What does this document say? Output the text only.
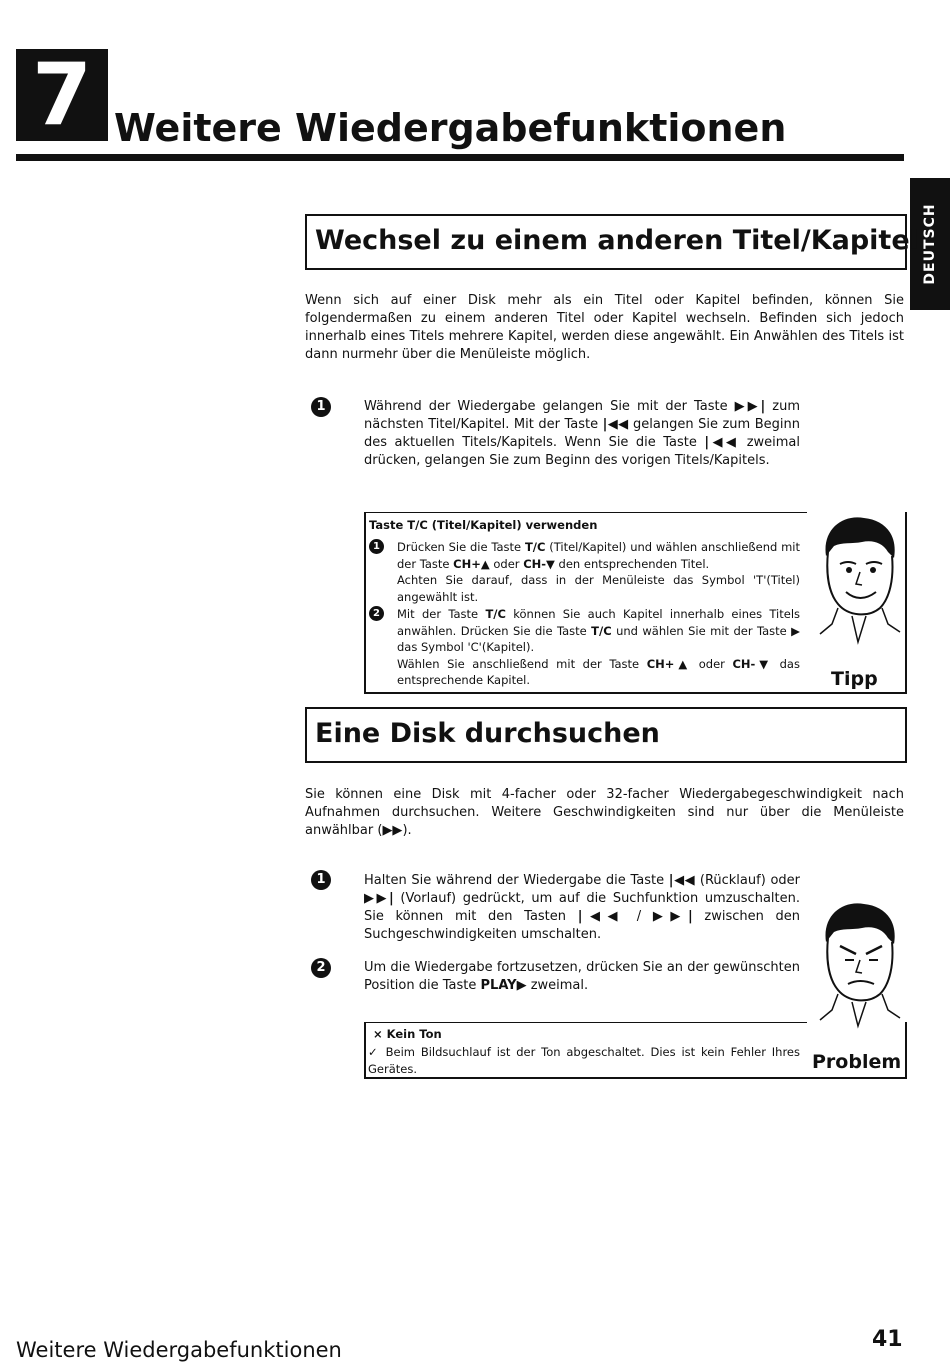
7 Weitere Wiedergabefunktionen
DEUTSCH
Wechsel zu einem anderen Titel/Kapitel
Wenn sich auf einer Disk mehr als ein Titel oder Kapitel befinden, können Sie folgendermaßen zu einem anderen Titel oder Kapitel wechseln. Befinden sich jedoch innerhalb eines Titels mehrere Kapitel, werden diese angewählt. Ein Anwählen des Titels ist dann nurmehr über die Menüleiste möglich.
1	Während der Wiedergabe gelangen Sie mit der Taste ▶▶| zum nächsten Titel/Kapitel. Mit der Taste |◀◀ gelangen Sie zum Beginn des aktuellen Titels/Kapitels. Wenn Sie die Taste |◀◀ zweimal drücken, gelangen Sie zum Beginn des vorigen Titels/Kapitels.
Taste T/C (Titel/Kapitel) verwenden
1	Drücken Sie die Taste T/C (Titel/Kapitel) und wählen anschließend mit der Taste CH+▲ oder CH-▼ den entsprechenden Titel.
Achten Sie darauf, dass in der Menüleiste das Symbol 'T'(Titel) angewählt ist.
2	Mit der Taste T/C können Sie auch Kapitel innerhalb eines Titels anwählen. Drücken Sie die Taste T/C und wählen Sie mit der Taste ▶ das Symbol 'C'(Kapitel).
Wählen Sie anschließend mit der Taste CH+▲ oder CH-▼ das entsprechende Kapitel.	Tipp
Eine Disk durchsuchen
Sie können eine Disk mit 4-facher oder 32-facher Wiedergabegeschwindigkeit nach Aufnahmen durchsuchen. Weitere Geschwindigkeiten sind nur über die Menüleiste anwählbar (▶▶).
1	Halten Sie während der Wiedergabe die Taste |◀◀ (Rücklauf) oder ▶▶| (Vorlauf) gedrückt, um auf die Suchfunktion umzuschalten. Sie können mit den Tasten |◀◀ / ▶▶| zwischen den Suchgeschwindigkeiten umschalten.
2	Um die Wiedergabe fortzusetzen, drücken Sie an der gewünschten Position die Taste PLAY▶ zweimal.
× Kein Ton
✓ Beim Bildsuchlauf ist der Ton abgeschaltet. Dies ist kein Fehler Ihres Gerätes.	Problem
Weitere Wiedergabefunktionen	41
